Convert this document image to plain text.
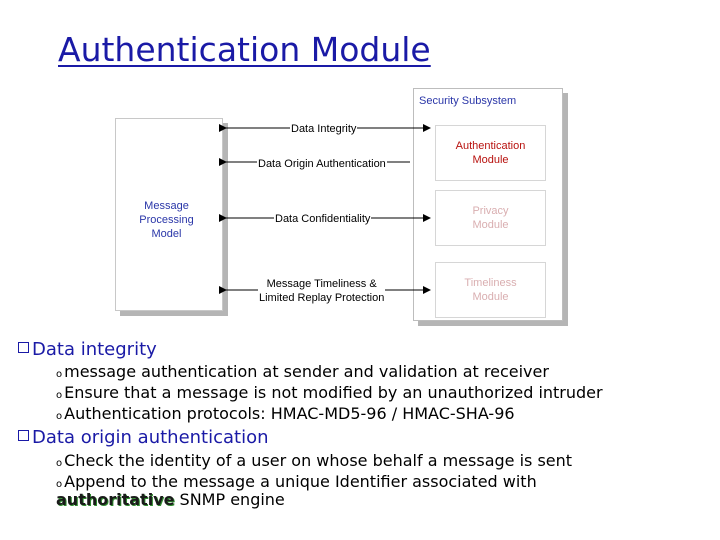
Authentication Module
Security Subsystem
Message
Processing
Model
Authentication
Module
Privacy
Module
Timeliness
Module
Data Integrity
Data Origin Authentication
Data Confidentiality
Message Timeliness &
Limited Replay Protection
Data integrity
o message authentication at sender and validation at receiver
o Ensure that a message is not modified by an unauthorized intruder
o Authentication protocols: HMAC-MD5-96 / HMAC-SHA-96
Data origin authentication
o Check the identity of a user on whose behalf a message is sent
o Append to the message a unique Identifier associated with
authoritative SNMP engine
